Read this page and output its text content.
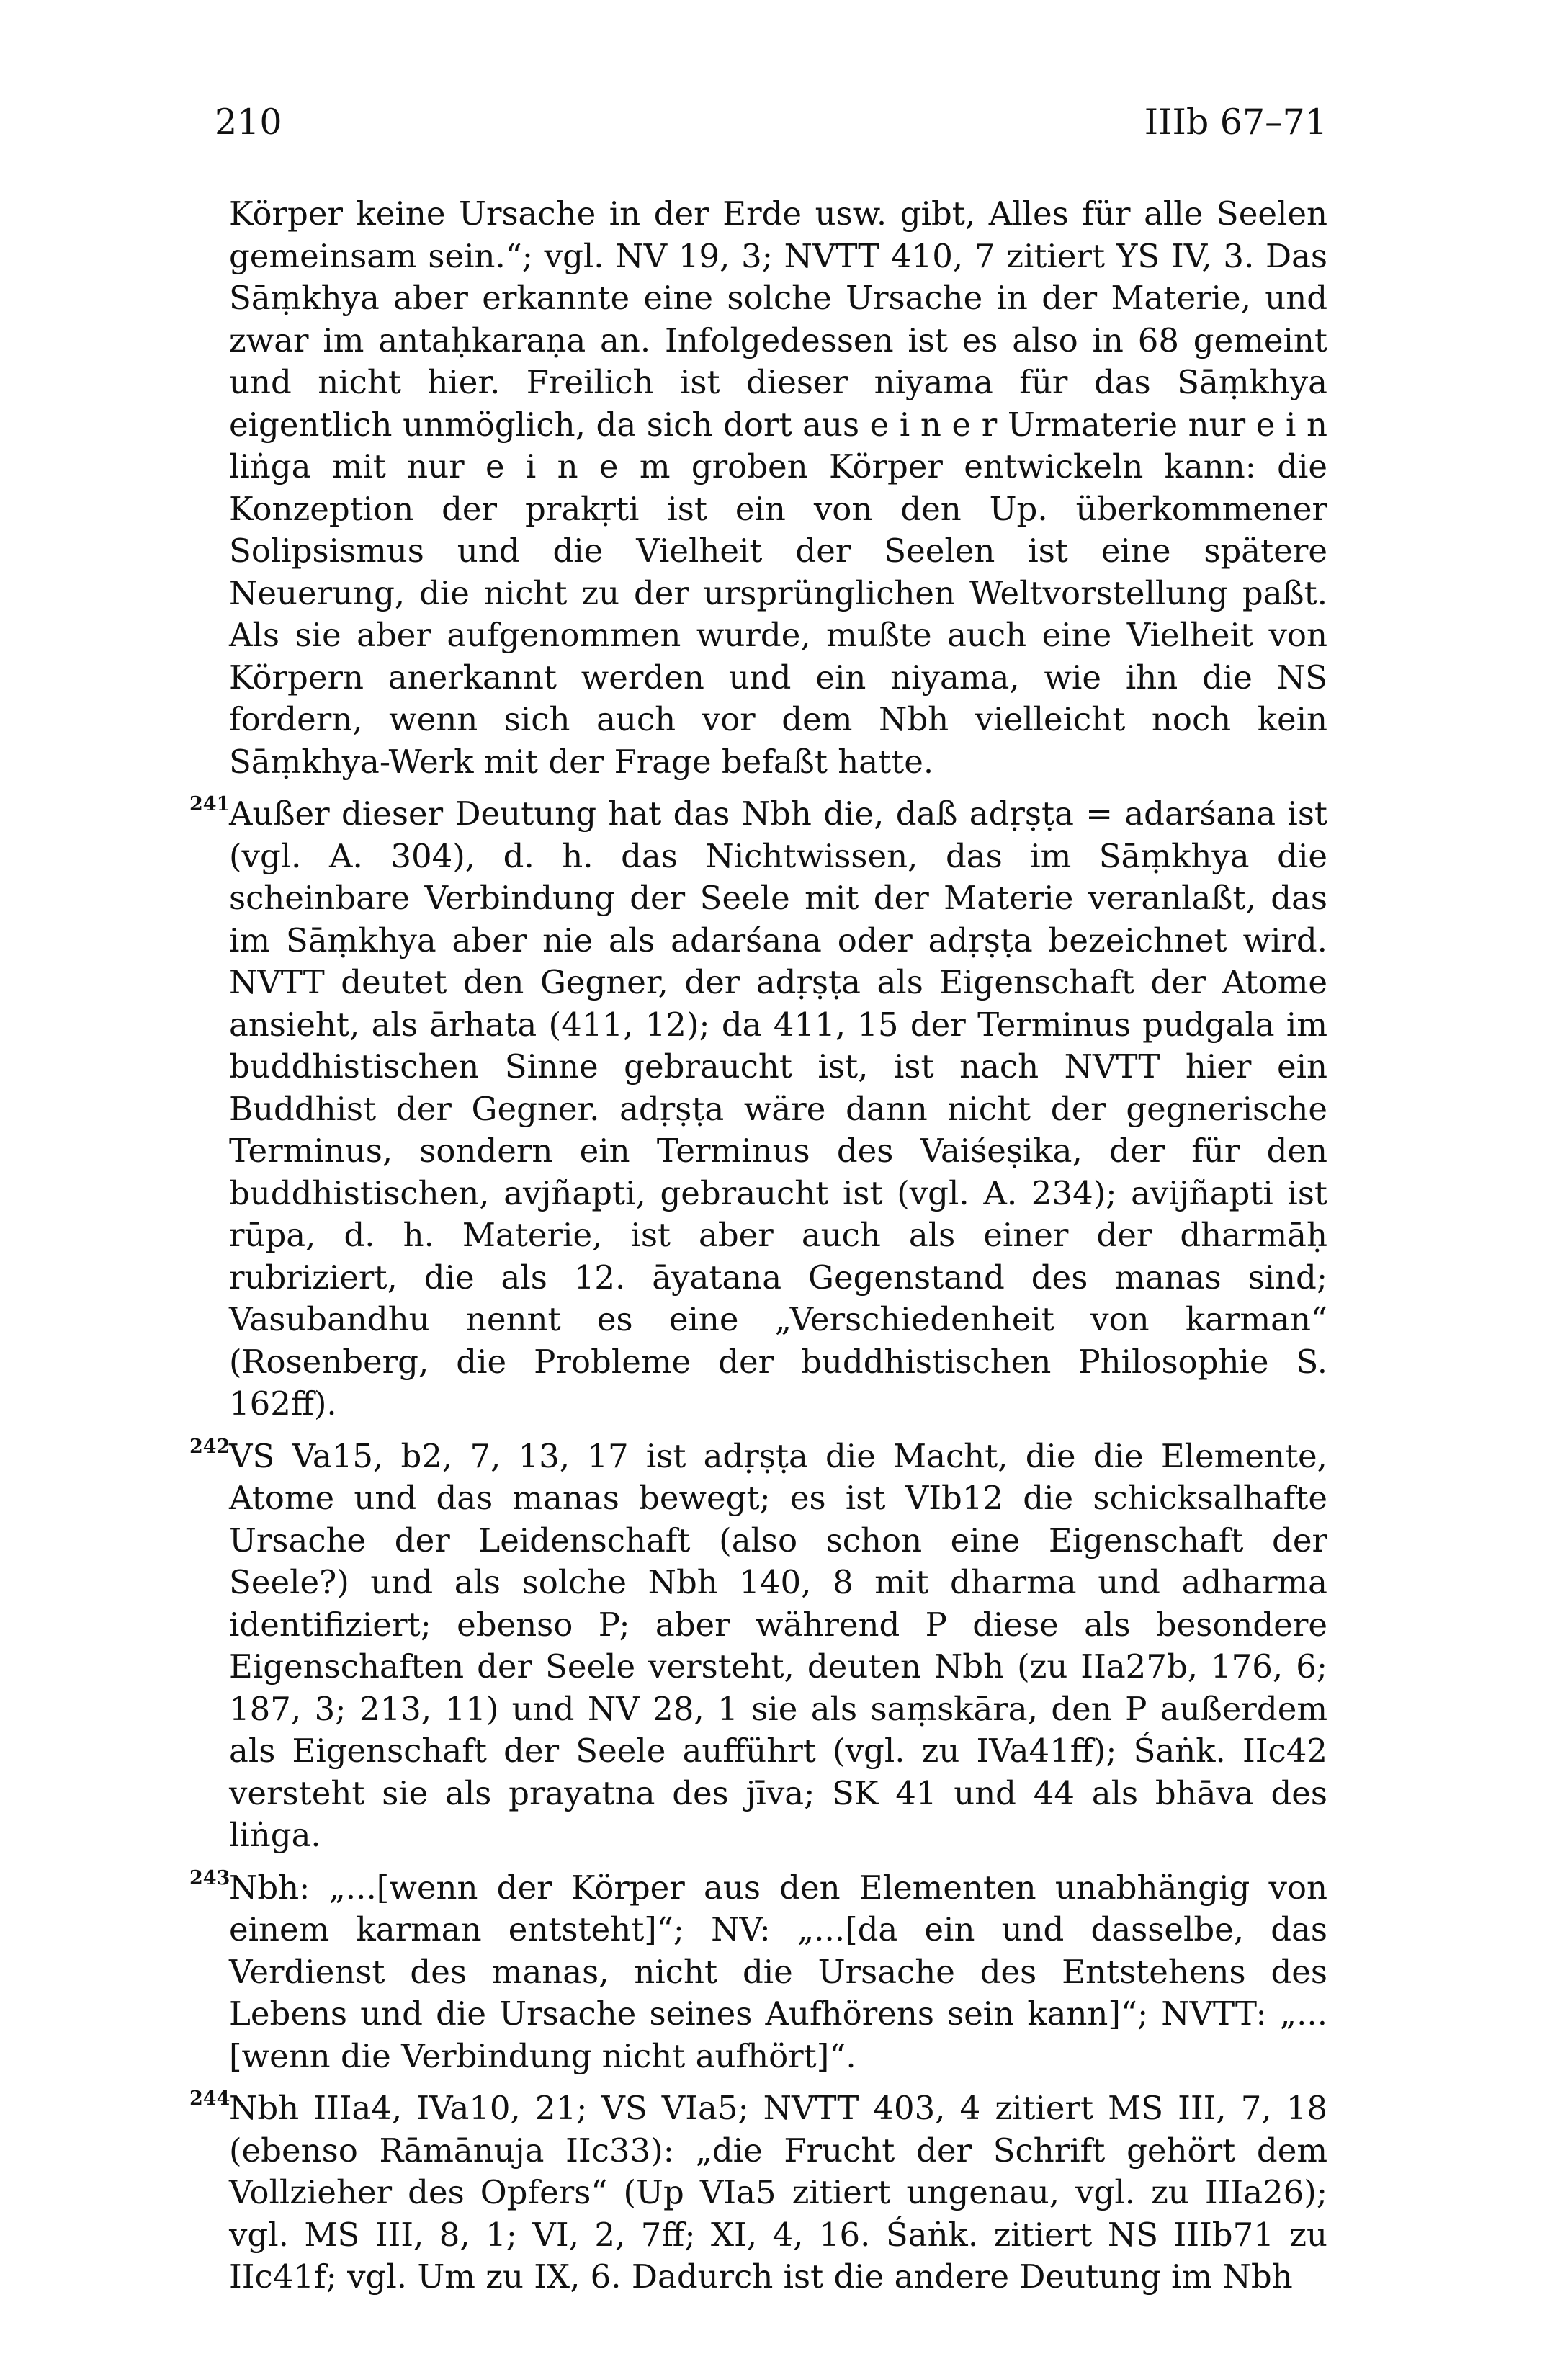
210	IIIb 67–71

Körper keine Ursache in der Erde usw. gibt, Alles für alle Seelen gemeinsam sein.“; vgl. NV 19, 3; NVTT 410, 7 zitiert YS IV, 3. Das Sāṃkhya aber erkannte eine solche Ursache in der Materie, und zwar im antaḥkaraṇa an. Infolgedessen ist es also in 68 gemeint und nicht hier. Freilich ist dieser niyama für das Sāṃkhya eigentlich unmöglich, da sich dort aus e i n e r Urmaterie nur e i n liṅga mit nur e i n e m groben Körper entwickeln kann: die Konzeption der prakṛti ist ein von den Up. überkommener Solipsismus und die Vielheit der Seelen ist eine spätere Neuerung, die nicht zu der ursprünglichen Weltvorstellung paßt. Als sie aber aufgenommen wurde, mußte auch eine Vielheit von Körpern anerkannt werden und ein niyama, wie ihn die NS fordern, wenn sich auch vor dem Nbh vielleicht noch kein Sāṃkhya-Werk mit der Frage befaßt hatte.

241
Außer dieser Deutung hat das Nbh die, daß adṛṣṭa = adarśana ist (vgl. A. 304), d. h. das Nichtwissen, das im Sāṃkhya die scheinbare Verbindung der Seele mit der Materie veranlaßt, das im Sāṃkhya aber nie als adarśana oder adṛṣṭa bezeichnet wird. NVTT deutet den Gegner, der adṛṣṭa als Eigenschaft der Atome ansieht, als ārhata (411, 12); da 411, 15 der Terminus pudgala im buddhistischen Sinne gebraucht ist, ist nach NVTT hier ein Buddhist der Gegner. adṛṣṭa wäre dann nicht der gegnerische Terminus, sondern ein Terminus des Vaiśeṣika, der für den buddhistischen, avjñapti, gebraucht ist (vgl. A. 234); avijñapti ist rūpa, d. h. Materie, ist aber auch als einer der dharmāḥ rubriziert, die als 12. āyatana Gegenstand des manas sind; Vasubandhu nennt es eine „Verschiedenheit von karman“ (Rosenberg, die Probleme der buddhistischen Philosophie S. 162ff).
242
VS Va15, b2, 7, 13, 17 ist adṛṣṭa die Macht, die die Elemente, Atome und das manas bewegt; es ist VIb12 die schicksalhafte Ursache der Leidenschaft (also schon eine Eigenschaft der Seele?) und als solche Nbh 140, 8 mit dharma und adharma identifiziert; ebenso P; aber während P diese als besondere Eigenschaften der Seele versteht, deuten Nbh (zu IIa27b, 176, 6; 187, 3; 213, 11) und NV 28, 1 sie als saṃskāra, den P außerdem als Eigenschaft der Seele aufführt (vgl. zu IVa41ff); Śaṅk. IIc42 versteht sie als prayatna des jīva; SK 41 und 44 als bhāva des liṅga.
243
Nbh: „...[wenn der Körper aus den Elementen unabhängig von einem karman entsteht]“; NV: „...[da ein und dasselbe, das Verdienst des manas, nicht die Ursache des Entstehens des Lebens und die Ursache seines Aufhörens sein kann]“; NVTT: „...[wenn die Verbindung nicht aufhört]“.
244
Nbh IIIa4, IVa10, 21; VS VIa5; NVTT 403, 4 zitiert MS III, 7, 18 (ebenso Rāmānuja IIc33): „die Frucht der Schrift gehört dem Vollzieher des Opfers“ (Up VIa5 zitiert ungenau, vgl. zu IIIa26); vgl. MS III, 8, 1; VI, 2, 7ff; XI, 4, 16. Śaṅk. zitiert NS IIIb71 zu IIc41f; vgl. Um zu IX, 6. Dadurch ist die andere Deutung im Nbh
